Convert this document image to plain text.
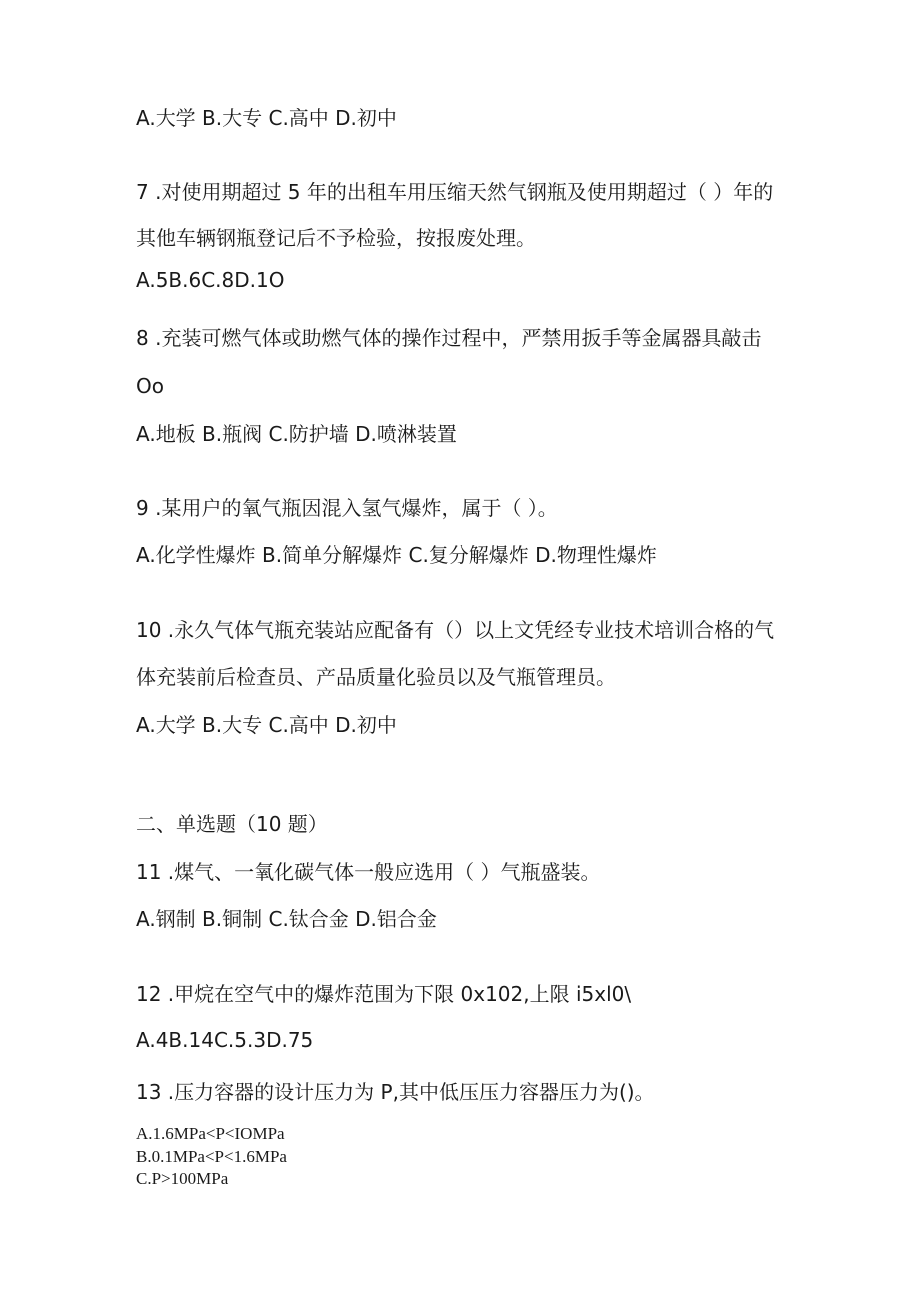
A.大学 B.大专 C.高中 D.初中
7 .对使用期超过 5 年的出租车用压缩天然气钢瓶及使用期超过（ ）年的
其他车辆钢瓶登记后不予检验，按报废处理。
A.5B.6C.8D.1O
8 .充装可燃气体或助燃气体的操作过程中，严禁用扳手等金属器具敲击
Oo
A.地板 B.瓶阀 C.防护墙 D.喷淋装置
9 .某用户的氧气瓶因混入氢气爆炸，属于（ ）。
A.化学性爆炸 B.简单分解爆炸 C.复分解爆炸 D.物理性爆炸
10 .永久气体气瓶充装站应配备有（）以上文凭经专业技术培训合格的气
体充装前后检查员、产品质量化验员以及气瓶管理员。
A.大学 B.大专 C.高中 D.初中
二、单选题（10 题）
11 .煤气、一氧化碳气体一般应选用（ ）气瓶盛装。
A.钢制 B.铜制 C.钛合金 D.铝合金
12 .甲烷在空气中的爆炸范围为下限 0x102,上限 i5xl0\
A.4B.14C.5.3D.75
13 .压力容器的设计压力为 P,其中低压压力容器压力为()。
A.1.6MPa<P<IOMPa
B.0.1MPa<P<1.6MPa
C.P>100MPa
